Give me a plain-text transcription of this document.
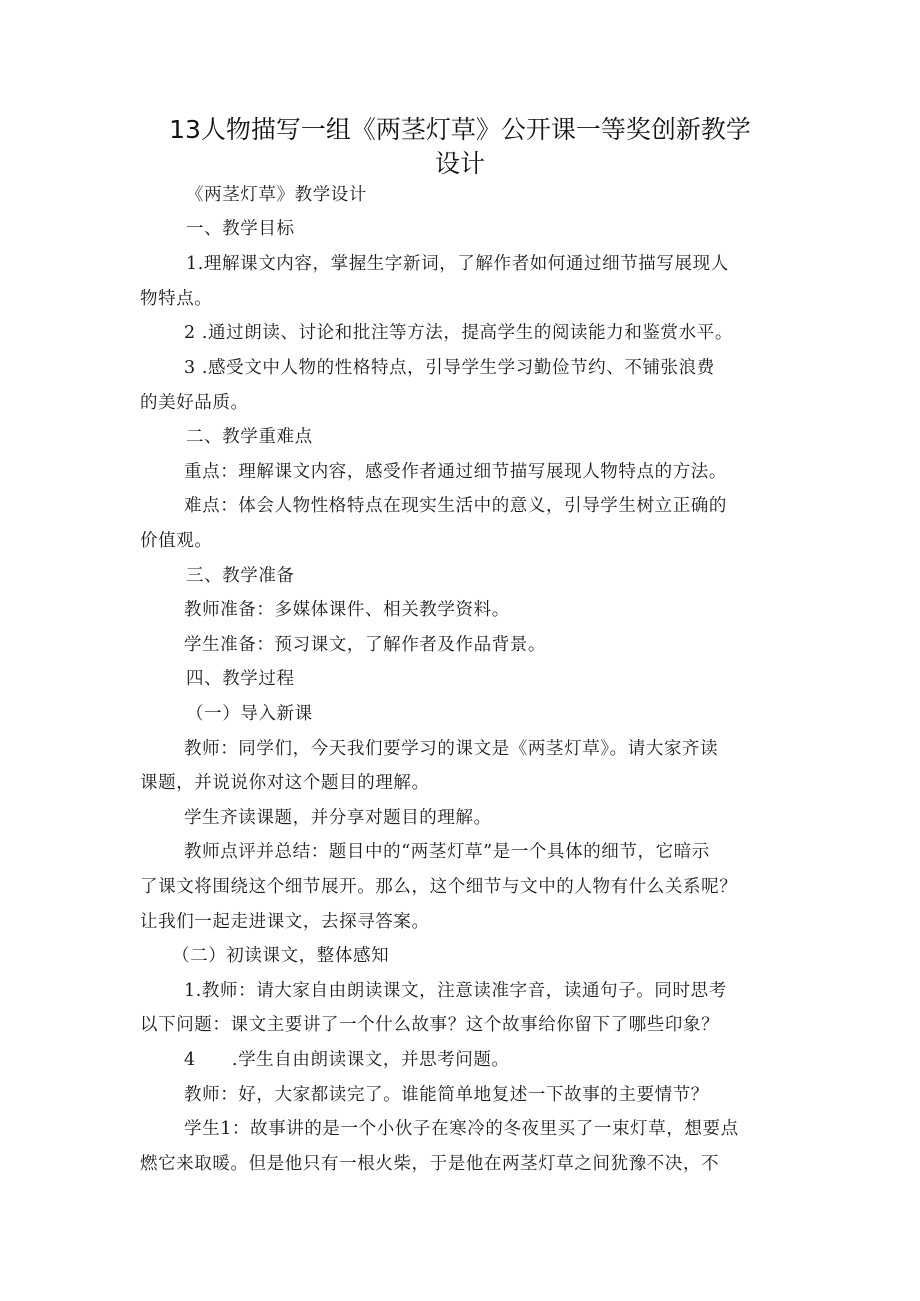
13人物描写一组《两茎灯草》公开课一等奖创新教学
设计
《两茎灯草》教学设计
一、教学目标
1.理解课文内容，掌握生字新词，了解作者如何通过细节描写展现人
物特点。
2 .通过朗读、讨论和批注等方法，提高学生的阅读能力和鉴赏水平。
3 .感受文中人物的性格特点，引导学生学习勤俭节约、不铺张浪费
的美好品质。
二、教学重难点
重点：理解课文内容，感受作者通过细节描写展现人物特点的方法。
难点：体会人物性格特点在现实生活中的意义，引导学生树立正确的
价值观。
三、教学准备
教师准备：多媒体课件、相关教学资料。
学生准备：预习课文，了解作者及作品背景。
四、教学过程
（一）导入新课
教师：同学们，今天我们要学习的课文是《两茎灯草》。请大家齐读
课题，并说说你对这个题目的理解。
学生齐读课题，并分享对题目的理解。
教师点评并总结：题目中的“两茎灯草”是一个具体的细节，它暗示
了课文将围绕这个细节展开。那么，这个细节与文中的人物有什么关系呢？
让我们一起走进课文，去探寻答案。
（二）初读课文，整体感知
1.教师：请大家自由朗读课文，注意读准字音，读通句子。同时思考
以下问题：课文主要讲了一个什么故事？这个故事给你留下了哪些印象？
4　　.学生自由朗读课文，并思考问题。
教师：好，大家都读完了。谁能简单地复述一下故事的主要情节？
学生1：故事讲的是一个小伙子在寒冷的冬夜里买了一束灯草，想要点
燃它来取暖。但是他只有一根火柴，于是他在两茎灯草之间犹豫不决，不
